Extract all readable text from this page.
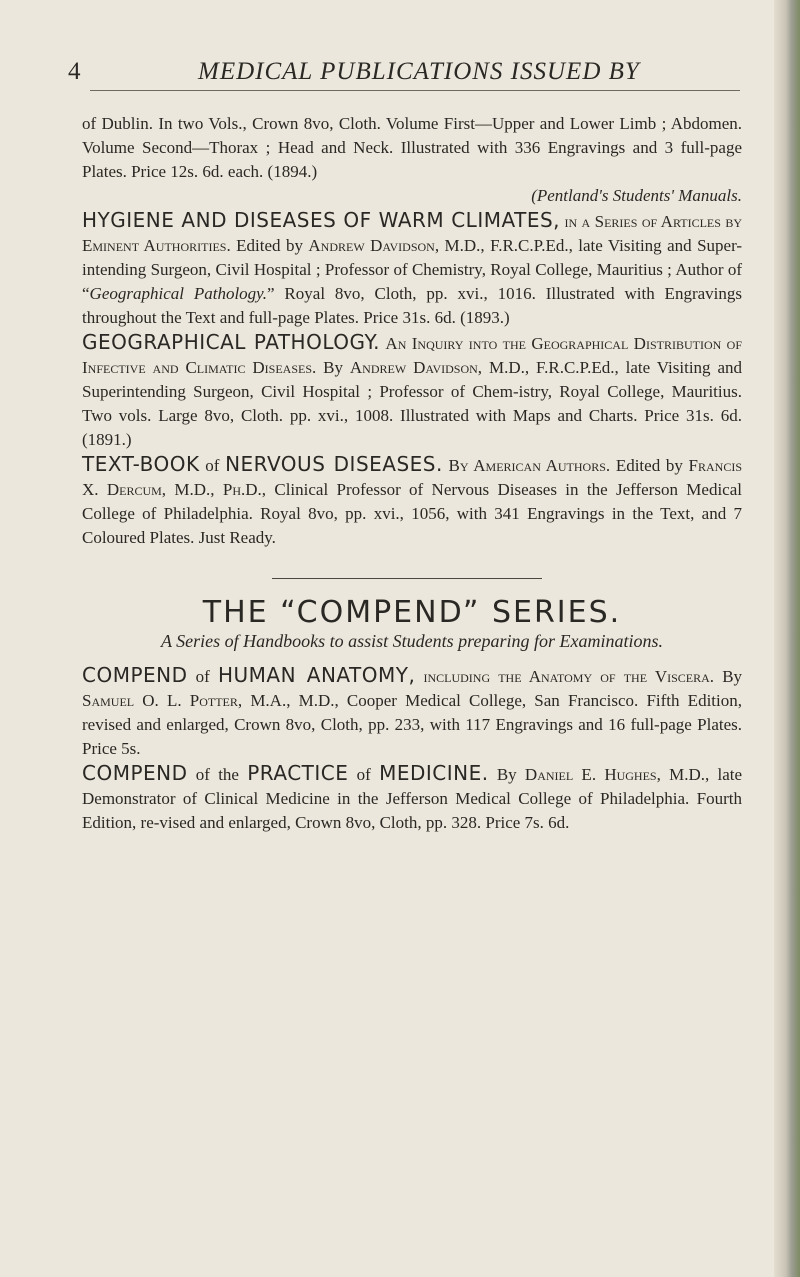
4	MEDICAL PUBLICATIONS ISSUED BY

of Dublin. In two Vols., Crown 8vo, Cloth. Volume First—Upper and Lower Limb ; Abdomen. Volume Second—Thorax ; Head and Neck. Illustrated with 336 Engravings and 3 full-page Plates. Price 12s. 6d. each. (1894.)

(Pentland's Students' Manuals.

HYGIENE AND DISEASES OF WARM CLIMATES, in a Series of Articles by Eminent Authorities. Edited by Andrew Davidson, M.D., F.R.C.P.Ed., late Visiting and Super-intending Surgeon, Civil Hospital ; Professor of Chemistry, Royal College, Mauritius ; Author of “Geographical Pathology.” Royal 8vo, Cloth, pp. xvi., 1016. Illustrated with Engravings throughout the Text and full-page Plates. Price 31s. 6d. (1893.)

GEOGRAPHICAL PATHOLOGY. An Inquiry into the Geographical Distribution of Infective and Climatic Diseases. By Andrew Davidson, M.D., F.R.C.P.Ed., late Visiting and Superintending Surgeon, Civil Hospital ; Professor of Chem-istry, Royal College, Mauritius. Two vols. Large 8vo, Cloth. pp. xvi., 1008. Illustrated with Maps and Charts. Price 31s. 6d. (1891.)

TEXT-BOOK of NERVOUS DISEASES. By American Authors. Edited by Francis X. Dercum, M.D., Ph.D., Clinical Professor of Nervous Diseases in the Jefferson Medical College of Philadelphia. Royal 8vo, pp. xvi., 1056, with 341 Engravings in the Text, and 7 Coloured Plates. Just Ready.

THE “COMPEND” SERIES.
A Series of Handbooks to assist Students preparing for Examinations.

COMPEND of HUMAN ANATOMY, including the Anatomy of the Viscera. By Samuel O. L. Potter, M.A., M.D., Cooper Medical College, San Francisco. Fifth Edition, revised and enlarged, Crown 8vo, Cloth, pp. 233, with 117 Engravings and 16 full-page Plates. Price 5s.

COMPEND of the PRACTICE of MEDICINE. By Daniel E. Hughes, M.D., late Demonstrator of Clinical Medicine in the Jefferson Medical College of Philadelphia. Fourth Edition, re-vised and enlarged, Crown 8vo, Cloth, pp. 328. Price 7s. 6d.
